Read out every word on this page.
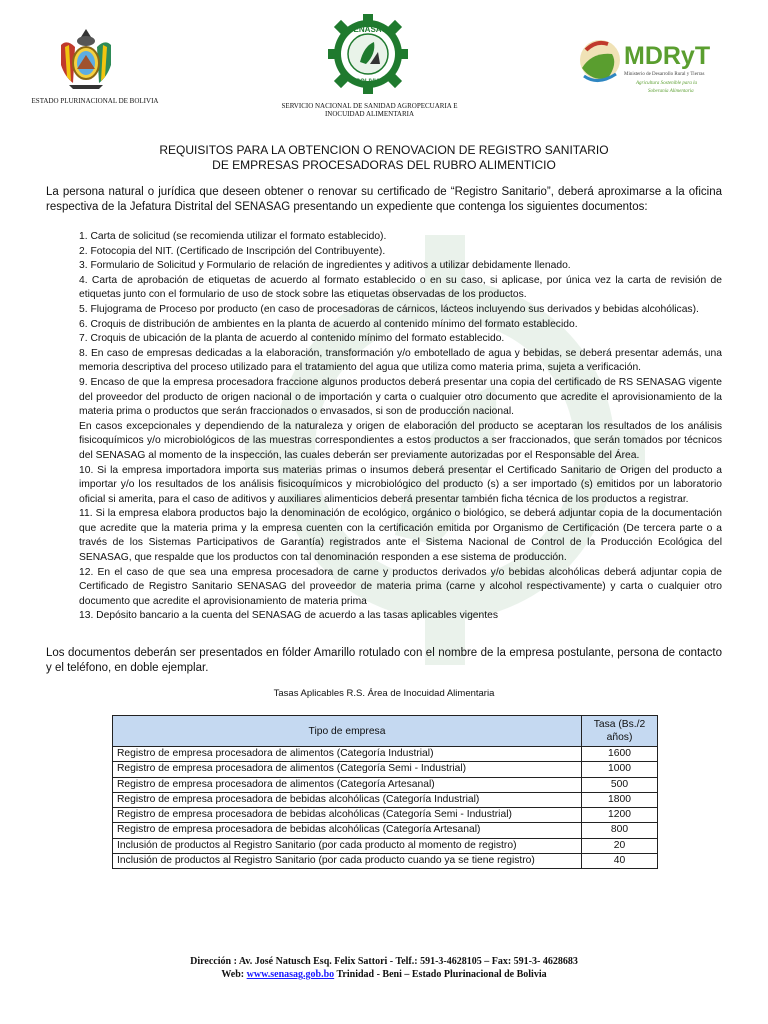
ESTADO PLURINACIONAL DE BOLIVIA
SENASAG
BOLIVIA
SERVICIO NACIONAL DE SANIDAD AGROPECUARIA E
INOCUIDAD ALIMENTARIA
MDRyT
Ministerio de Desarrollo Rural y Tierras
Agricultura Sostenible para la
Soberanía Alimentaria
REQUISITOS PARA LA OBTENCION O RENOVACION DE REGISTRO SANITARIO
DE EMPRESAS PROCESADORAS DEL RUBRO ALIMENTICIO
La persona natural o jurídica que deseen obtener o renovar su certificado de “Registro Sanitario”, deberá aproximarse a la oficina respectiva de la Jefatura Distrital del SENASAG presentando un expediente que contenga los siguientes documentos:
1. Carta de solicitud (se recomienda utilizar el formato establecido).
2. Fotocopia del NIT. (Certificado de Inscripción del Contribuyente).
3. Formulario de Solicitud y Formulario de relación de ingredientes y aditivos a utilizar debidamente llenado.
4. Carta de aprobación de etiquetas de acuerdo al formato establecido o en su caso, si aplicase, por única vez la carta de revisión de etiquetas junto con el formulario de uso de stock sobre las etiquetas observadas de los productos.
5. Flujograma de Proceso por producto (en caso de procesadoras de cárnicos, lácteos incluyendo sus derivados y bebidas alcohólicas).
6. Croquis de distribución de ambientes en la planta de acuerdo al contenido mínimo del formato establecido.
7. Croquis de ubicación de la planta de acuerdo al contenido mínimo del formato establecido.
8. En caso de empresas dedicadas a la elaboración, transformación y/o embotellado de agua y bebidas, se deberá presentar además, una memoria descriptiva del proceso utilizado para el tratamiento del agua que utiliza como materia prima, sujeta a verificación.
9. Encaso de que la empresa procesadora fraccione algunos productos deberá presentar una copia del certificado de RS SENASAG vigente del proveedor del producto de origen nacional o de importación y carta o cualquier otro documento que acredite el aprovisionamiento de la materia prima o productos que serán fraccionados o envasados, si son de producción nacional.
En casos excepcionales y dependiendo de la naturaleza y origen de elaboración del producto se aceptaran los resultados de los análisis fisicoquímicos y/o microbiológicos de las muestras correspondientes a estos productos a ser fraccionados, que serán tomados por técnicos del SENASAG al momento de la inspección, las cuales deberán ser previamente autorizadas por el Responsable del Área.
10. Si la empresa importadora importa sus materias primas o insumos deberá presentar el Certificado Sanitario de Origen del producto a importar y/o los resultados de los análisis fisicoquímicos y microbiológico del producto (s) a ser importado (s) emitidos por un laboratorio oficial si amerita, para el caso de aditivos y auxiliares alimenticios deberá presentar también ficha técnica de los productos a registrar.
11. Si la empresa elabora productos bajo la denominación de ecológico, orgánico o biológico, se deberá adjuntar copia de la documentación que acredite que la materia prima y la empresa cuenten con la certificación emitida por Organismo de Certificación (De tercera parte o a través de los Sistemas Participativos de Garantía) registrados ante el Sistema Nacional de Control de la Producción Ecológica del SENASAG, que respalde que los productos con tal denominación responden a ese sistema de producción.
12. En el caso de que sea una empresa procesadora de carne y productos derivados y/o bebidas alcohólicas deberá adjuntar copia de Certificado de Registro Sanitario SENASAG del proveedor de materia prima (carne y alcohol respectivamente) y carta o cualquier otro documento que acredite el aprovisionamiento de materia prima
13. Depósito bancario a la cuenta del SENASAG de acuerdo a las tasas aplicables vigentes
Los documentos deberán ser presentados en fólder Amarillo rotulado con el nombre de la empresa postulante, persona de contacto y el teléfono, en doble ejemplar.
Tasas Aplicables R.S. Área de Inocuidad Alimentaria
Tipo de empresa	Tasa (Bs./2 años)
Registro de empresa procesadora de alimentos (Categoría Industrial)	1600
Registro de empresa procesadora de alimentos (Categoría Semi - Industrial)	1000
Registro de empresa procesadora de alimentos (Categoría Artesanal)	500
Registro de empresa procesadora de bebidas alcohólicas (Categoría Industrial)	1800
Registro de empresa procesadora de bebidas alcohólicas (Categoría Semi - Industrial)	1200
Registro de empresa procesadora de bebidas alcohólicas (Categoría Artesanal)	800
Inclusión de productos al Registro Sanitario (por cada producto al momento de registro)	20
Inclusión de productos al Registro Sanitario (por cada producto cuando ya se tiene registro)	40
Dirección : Av. José Natusch Esq. Felix Sattori - Telf.: 591-3-4628105 – Fax: 591-3- 4628683
Web: www.senasag.gob.bo Trinidad - Beni – Estado Plurinacional de Bolivia
